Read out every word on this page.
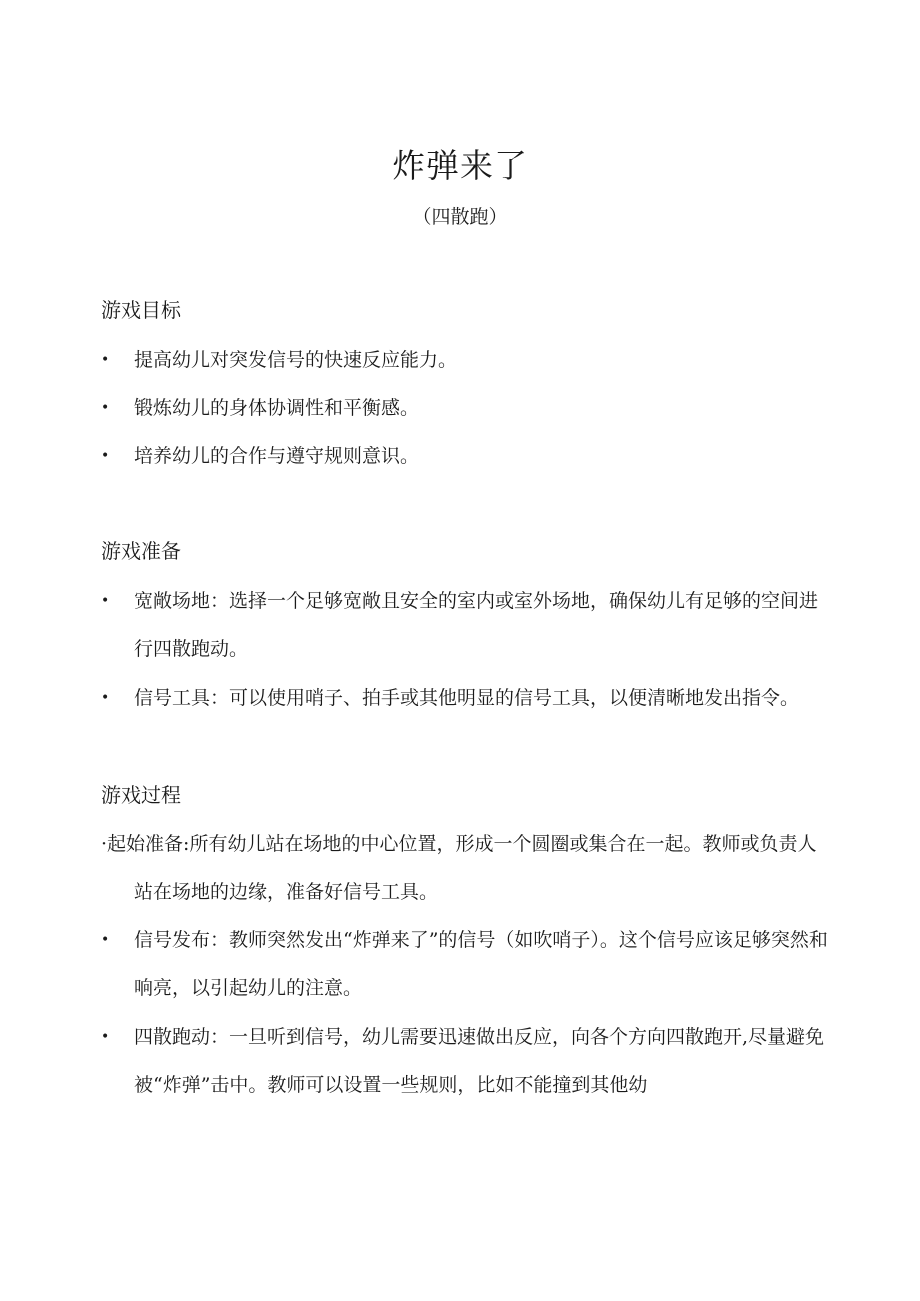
炸弹来了
（四散跑）
游戏目标
•	提高幼儿对突发信号的快速反应能力。
•	锻炼幼儿的身体协调性和平衡感。
•	培养幼儿的合作与遵守规则意识。
游戏准备
•	宽敞场地：选择一个足够宽敞且安全的室内或室外场地，确保幼儿有足够的空间进行四散跑动。
•	信号工具：可以使用哨子、拍手或其他明显的信号工具，以便清晰地发出指令。
游戏过程
·起始准备:所有幼儿站在场地的中心位置，形成一个圆圈或集合在一起。教师或负责人站在场地的边缘，准备好信号工具。
•	信号发布：教师突然发出“炸弹来了”的信号（如吹哨子）。这个信号应该足够突然和响亮，以引起幼儿的注意。
•	四散跑动：一旦听到信号，幼儿需要迅速做出反应，向各个方向四散跑开,尽量避免被“炸弹”击中。教师可以设置一些规则，比如不能撞到其他幼
